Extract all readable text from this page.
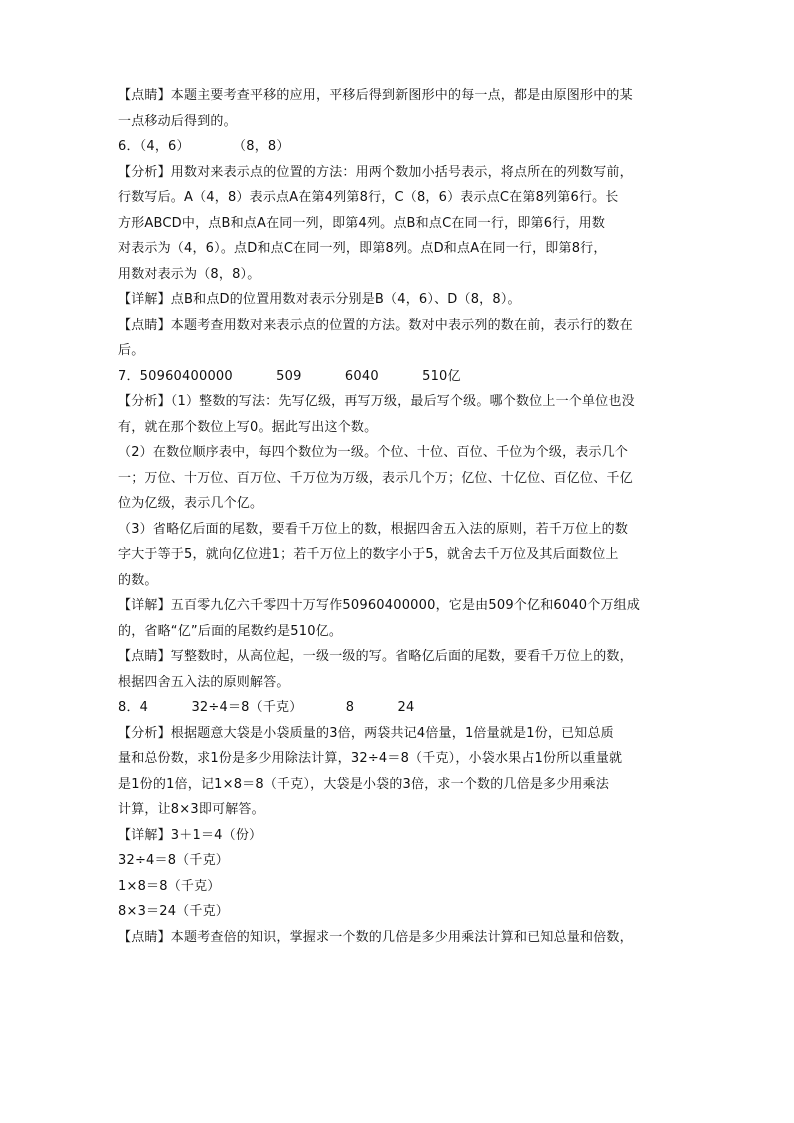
【点睛】本题主要考查平移的应用，平移后得到新图形中的每一点，都是由原图形中的某
一点移动后得到的。
6．（4，6）          （8，8）
【分析】用数对来表示点的位置的方法：用两个数加小括号表示，将点所在的列数写前，
行数写后。A（4，8）表示点A在第4列第8行，C（8，6）表示点C在第8列第6行。长
方形ABCD中，点B和点A在同一列，即第4列。点B和点C在同一行，即第6行，用数
对表示为（4，6）。点D和点C在同一列，即第8列。点D和点A在同一行，即第8行，
用数对表示为（8，8）。
【详解】点B和点D的位置用数对表示分别是B（4，6）、D（8，8）。
【点睛】本题考查用数对来表示点的位置的方法。数对中表示列的数在前，表示行的数在
后。
7．50960400000          509          6040          510亿
【分析】（1）整数的写法：先写亿级，再写万级，最后写个级。哪个数位上一个单位也没
有，就在那个数位上写0。据此写出这个数。
（2）在数位顺序表中，每四个数位为一级。个位、十位、百位、千位为个级，表示几个
一；万位、十万位、百万位、千万位为万级，表示几个万；亿位、十亿位、百亿位、千亿
位为亿级，表示几个亿。
（3）省略亿后面的尾数，要看千万位上的数，根据四舍五入法的原则，若千万位上的数
字大于等于5，就向亿位进1；若千万位上的数字小于5，就舍去千万位及其后面数位上
的数。
【详解】五百零九亿六千零四十万写作50960400000，它是由509个亿和6040个万组成
的，省略“亿”后面的尾数约是510亿。
【点睛】写整数时，从高位起，一级一级的写。省略亿后面的尾数，要看千万位上的数，
根据四舍五入法的原则解答。
8．4          32÷4＝8（千克）          8          24
【分析】根据题意大袋是小袋质量的3倍，两袋共记4倍量，1倍量就是1份，已知总质
量和总份数，求1份是多少用除法计算，32÷4＝8（千克），小袋水果占1份所以重量就
是1份的1倍，记1×8＝8（千克），大袋是小袋的3倍，求一个数的几倍是多少用乘法
计算，让8×3即可解答。
【详解】3＋1＝4（份）
32÷4＝8（千克）
1×8＝8（千克）
8×3＝24（千克）
【点睛】本题考查倍的知识，掌握求一个数的几倍是多少用乘法计算和已知总量和倍数，
